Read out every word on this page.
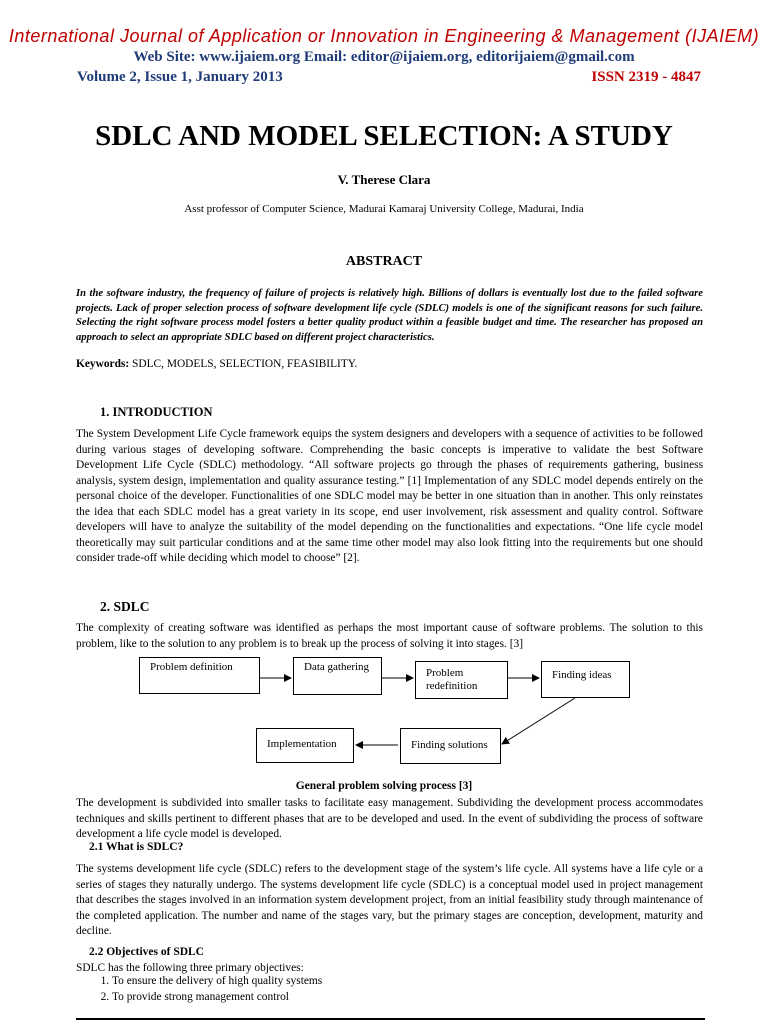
International Journal of Application or Innovation in Engineering & Management (IJAIEM)
Web Site: www.ijaiem.org Email: editor@ijaiem.org, editorijaiem@gmail.com
Volume 2, Issue 1, January 2013	ISSN 2319 - 4847
SDLC AND MODEL SELECTION: A STUDY
V. Therese Clara
Asst professor of Computer Science, Madurai Kamaraj University College, Madurai, India
ABSTRACT
In the software industry, the frequency of failure of projects is relatively high. Billions of dollars is eventually lost due to the failed software projects. Lack of proper selection process of software development life cycle (SDLC) models is one of the significant reasons for such failure. Selecting the right software process model fosters a better quality product within a feasible budget and time. The researcher has proposed an approach to select an appropriate SDLC based on different project characteristics.
Keywords: SDLC, MODELS, SELECTION, FEASIBILITY.
1. INTRODUCTION
The System Development Life Cycle framework equips the system designers and developers with a sequence of activities to be followed during various stages of developing software. Comprehending the basic concepts is imperative to validate the best Software Development Life Cycle (SDLC) methodology. “All software projects go through the phases of requirements gathering, business analysis, system design, implementation and quality assurance testing.” [1] Implementation of any SDLC model depends entirely on the personal choice of the developer. Functionalities of one SDLC model may be better in one situation than in another. This only reinstates the idea that each SDLC model has a great variety in its scope, end user involvement, risk assessment and quality control. Software developers will have to analyze the suitability of the model depending on the functionalities and expectations. “One life cycle model theoretically may suit particular conditions and at the same time other model may also look fitting into the requirements but one should consider trade-off while deciding which model to choose” [2].
2. SDLC
The complexity of creating software was identified as perhaps the most important cause of software problems. The solution to this problem, like to the solution to any problem is to break up the process of solving it into stages. [3]
Problem definition	Data gathering	Problem redefinition
Finding ideas
Finding solutions
Implementation
General problem solving process [3]
The development is subdivided into smaller tasks to facilitate easy management. Subdividing the development process accommodates techniques and skills pertinent to different phases that are to be developed and used. In the event of subdividing the process of software development a life cycle model is developed.
2.1 What is SDLC?
The systems development life cycle (SDLC) refers to the development stage of the system’s life cycle. All systems have a life cyle or a series of stages they naturally undergo. The systems development life cycle (SDLC) is a conceptual model used in project management that describes the stages involved in an information system development project, from an initial feasibility study through maintenance of the completed application. The number and name of the stages vary, but the primary stages are conception, development, maturity and decline.
2.2 Objectives of SDLC
SDLC has the following three primary objectives:
1. To ensure the delivery of high quality systems
2. To provide strong management control
